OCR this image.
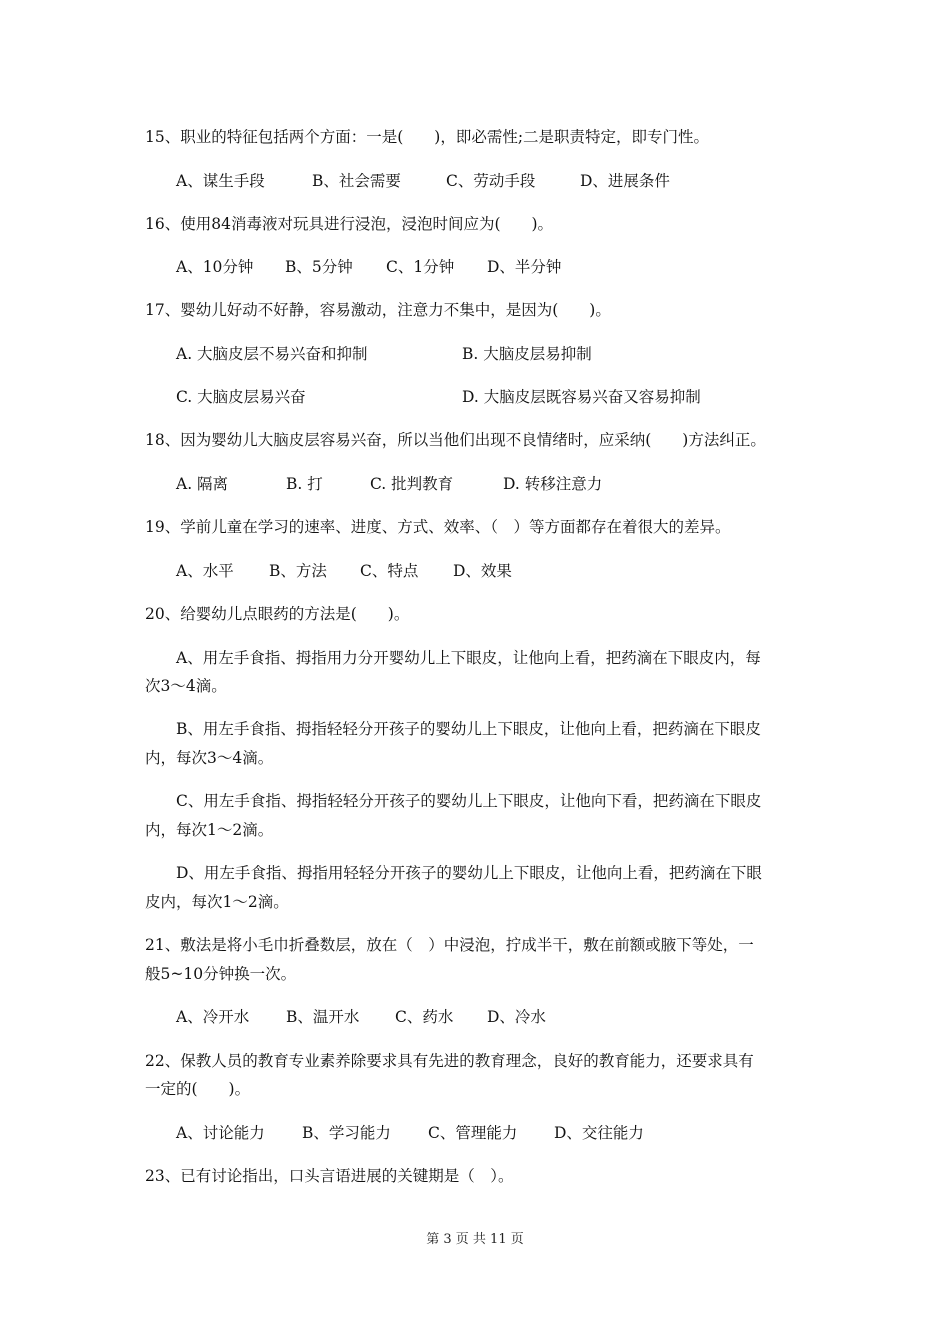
15、职业的特征包括两个方面：一是(　　)，即必需性;二是职责特定，即专门性。
A、谋生手段	B、社会需要	C、劳动手段	D、进展条件
16、使用84消毒液对玩具进行浸泡，浸泡时间应为(　　)。
A、10分钟	B、5分钟	C、1分钟	D、半分钟
17、婴幼儿好动不好静，容易激动，注意力不集中，是因为(　　)。
A. 大脑皮层不易兴奋和抑制	B. 大脑皮层易抑制
C. 大脑皮层易兴奋	D. 大脑皮层既容易兴奋又容易抑制
18、因为婴幼儿大脑皮层容易兴奋，所以当他们出现不良情绪时，应采纳(　　)方法纠正。
A. 隔离	B. 打	C. 批判教育	D. 转移注意力
19、学前儿童在学习的速率、进度、方式、效率、（　）等方面都存在着很大的差异。
A、水平	B、方法	C、特点	D、效果
20、给婴幼儿点眼药的方法是(　　)。
A、用左手食指、拇指用力分开婴幼儿上下眼皮，让他向上看，把药滴在下眼皮内，每
次3～4滴。
B、用左手食指、拇指轻轻分开孩子的婴幼儿上下眼皮，让他向上看，把药滴在下眼皮
内，每次3～4滴。
C、用左手食指、拇指轻轻分开孩子的婴幼儿上下眼皮，让他向下看，把药滴在下眼皮
内，每次1～2滴。
D、用左手食指、拇指用轻轻分开孩子的婴幼儿上下眼皮，让他向上看，把药滴在下眼
皮内，每次1～2滴。
21、敷法是将小毛巾折叠数层，放在（　）中浸泡，拧成半干，敷在前额或腋下等处，一
般5~10分钟换一次。
A、冷开水	B、温开水	C、药水	D、冷水
22、保教人员的教育专业素养除要求具有先进的教育理念，良好的教育能力，还要求具有
一定的(　　)。
A、讨论能力	B、学习能力	C、管理能力	D、交往能力
23、已有讨论指出，口头言语进展的关键期是（　）。
第 3 页 共 11 页
